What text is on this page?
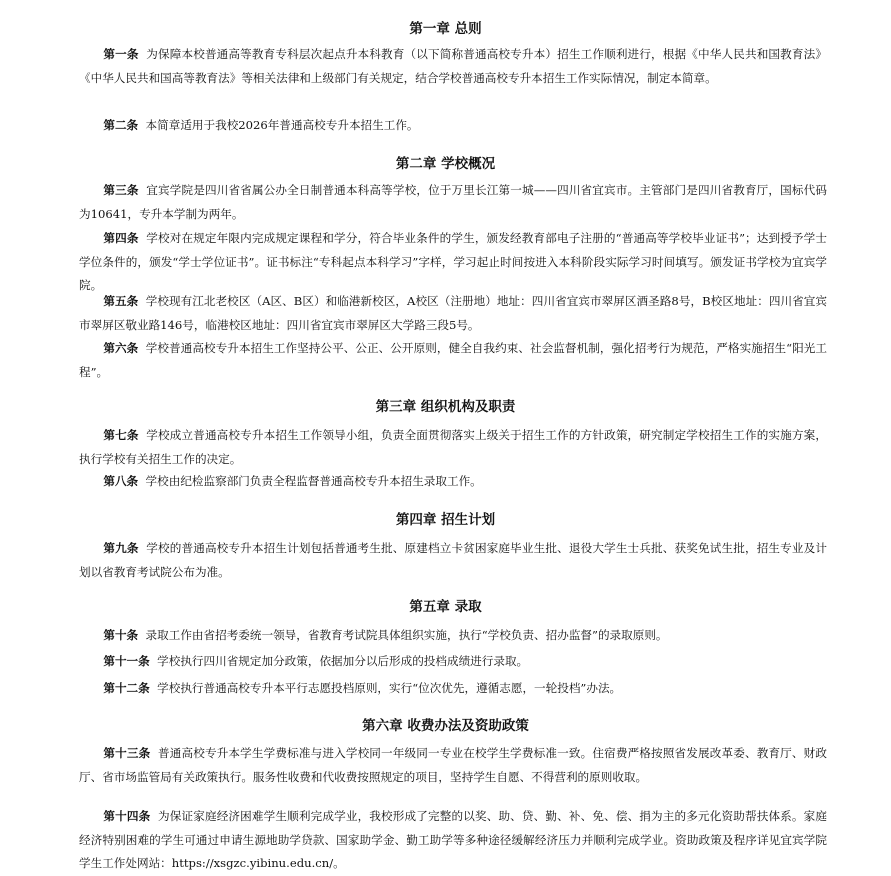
第一章 总则
第一条 为保障本校普通高等教育专科层次起点升本科教育（以下简称普通高校专升本）招生工作顺利进行，根据《中华人民共和国教育法》《中华人民共和国高等教育法》等相关法律和上级部门有关规定，结合学校普通高校专升本招生工作实际情况，制定本简章。
第二条 本简章适用于我校2026年普通高校专升本招生工作。
第二章 学校概况
第三条 宜宾学院是四川省省属公办全日制普通本科高等学校，位于万里长江第一城——四川省宜宾市。主管部门是四川省教育厅，国标代码为10641，专升本学制为两年。
第四条 学校对在规定年限内完成规定课程和学分，符合毕业条件的学生，颁发经教育部电子注册的“普通高等学校毕业证书”；达到授予学士学位条件的，颁发“学士学位证书”。证书标注“专科起点本科学习”字样，学习起止时间按进入本科阶段实际学习时间填写。颁发证书学校为宜宾学院。
第五条 学校现有江北老校区（A区、B区）和临港新校区，A校区（注册地）地址：四川省宜宾市翠屏区酒圣路8号，B校区地址：四川省宜宾市翠屏区敬业路146号，临港校区地址：四川省宜宾市翠屏区大学路三段5号。
第六条 学校普通高校专升本招生工作坚持公平、公正、公开原则，健全自我约束、社会监督机制，强化招考行为规范，严格实施招生“阳光工程”。
第三章 组织机构及职责
第七条 学校成立普通高校专升本招生工作领导小组，负责全面贯彻落实上级关于招生工作的方针政策，研究制定学校招生工作的实施方案，执行学校有关招生工作的决定。
第八条 学校由纪检监察部门负责全程监督普通高校专升本招生录取工作。
第四章 招生计划
第九条 学校的普通高校专升本招生计划包括普通考生批、原建档立卡贫困家庭毕业生批、退役大学生士兵批、获奖免试生批，招生专业及计划以省教育考试院公布为准。
第五章 录取
第十条 录取工作由省招考委统一领导，省教育考试院具体组织实施，执行“学校负责、招办监督”的录取原则。
第十一条 学校执行四川省规定加分政策，依据加分以后形成的投档成绩进行录取。
第十二条 学校执行普通高校专升本平行志愿投档原则，实行“位次优先，遵循志愿，一轮投档”办法。
第六章 收费办法及资助政策
第十三条 普通高校专升本学生学费标准与进入学校同一年级同一专业在校学生学费标准一致。住宿费严格按照省发展改革委、教育厅、财政厅、省市场监管局有关政策执行。服务性收费和代收费按照规定的项目，坚持学生自愿、不得营利的原则收取。
第十四条 为保证家庭经济困难学生顺利完成学业，我校形成了完整的以奖、助、贷、勤、补、免、偿、捐为主的多元化资助帮扶体系。家庭经济特别困难的学生可通过申请生源地助学贷款、国家助学金、勤工助学等多种途径缓解经济压力并顺利完成学业。资助政策及程序详见宜宾学院学生工作处网站：https://xsgzc.yibinu.edu.cn/。
